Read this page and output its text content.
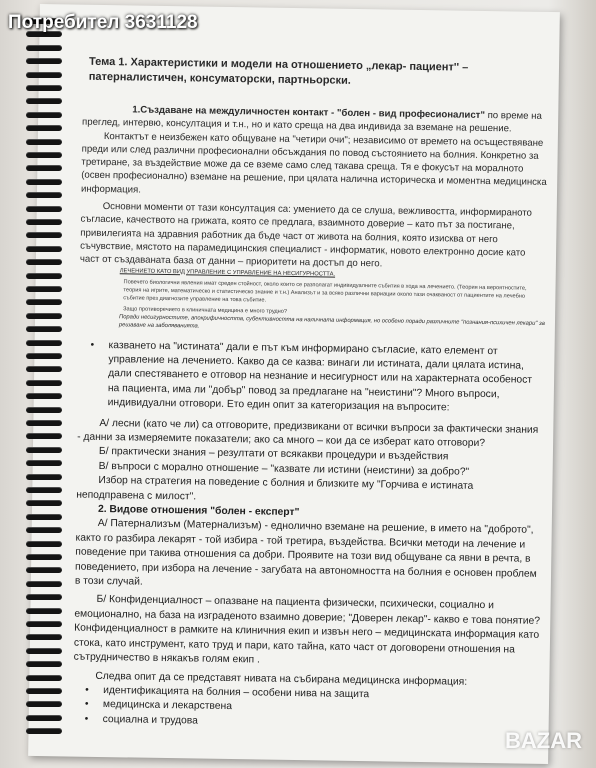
Потребител 3631128
Тема 1. Характеристики и модели на отношението „лекар- пациент'' – патерналистичен, консуматорски, партньорски.

1.Създаване на междуличностен контакт - "болен - вид професионалист" по време на преглед, интервю, консултация и т.н., но и като среща на два индивида за вземане на решение.

Контактът е неизбежен като общуване на "четири очи"; независимо от времето на осъществяване преди или след различни професионални обсъждания по повод състоянието на болния. Конкретно за третиране, за въздействие може да се вземе само след такава среща. Тя е фокусът на моралното (освен професионално) вземане на решение, при цялата налична историческа и моментна медицинска информация.

Основни моменти от тази консултация са: умението да се слуша, вежливостта, информираното съгласие, качеството на грижата, която се предлага, взаимното доверие – като път за постигане, привилегията на здравния работник да бъде част от живота на болния, която изисква от него съчувствие, мястото на парамедицинския специалист - информатик, новото електронно досие като част от създаваната база от данни – приоритети на достъп до него.

ЛЕЧЕНИЕТО КАТО ВИД УПРАВЛЕНИЕ С УПРАВЛЕНИЕ НА НЕСИГУРНОСТТА.
Повечето биологични явления имат среден стойност, около които се разполагат индивидуалните събития в хода на лечението. (Теория на вероятностите, теория на игрите, математическо и статистическо знание и т.н.) Анализът и за всяко различни вариации около тази очакваност от пациентите на лечебно събитие през диагнозите управление на това събитие.
Защо противоречието в клиничната медицина е много трудно?
Поради несигурностите, апокрифичността, субективността на наличната информация, но особено поради различните "познания-психичен лекари" за решаване на заболяванията.

• казването на "истината" дали е път към информирано съгласие, като елемент от управление на лечението. Какво да се казва: винаги ли истината, дали цялата истина, дали спестяването е отговор на незнание и несигурност или на характерната особеност на пациента, има ли "добър" повод за предлагане на "неистини"? Много въпроси, индивидуални отговори. Ето един опит за категоризация на въпросите:

А/ лесни (като че ли) са отговорите, предизвикани от всички въпроси за фактически знания - данни за измеряемите показатели; ако са много – кои да се изберат като отговори?

Б/ практически знания – резултати от всякакви процедури и въздействия

В/ въпроси с морално отношение – "казвате ли истини (неистини) за добро?"

Избор на стратегия на поведение с болния и близките му "Горчива е истината неподправена с милост".

2. Видове отношения "болен - експерт"

А/ Патернализъм (Матернализъм) - еднолично вземане на решение, в името на "доброто", както го разбира лекарят - той избира - той третира, въздейства. Всички методи на лечение и поведение при такива отношения са добри. Проявите на този вид общуване са явни в речта, в поведението, при избора на лечение - загубата на автономността на болния е основен проблем в този случай.

Б/ Конфиденциалност – опазване на пациента физически, психически, социално и емоционално, на база на изграденото взаимно доверие; "Доверен лекар"- какво е това понятие? Конфиденциалност в рамките на клиничния екип и извън него – медицинската информация като стока, като инструмент, като труд и пари, като тайна, като част от договорени отношения на сътрудничество в някакъв голям екип .

Следва опит да се представят нивата на събирана медицинска информация:

• идентификацията на болния – особени нива на защита

• медицинска и лекарствена

• социална и трудова

BAZAR
